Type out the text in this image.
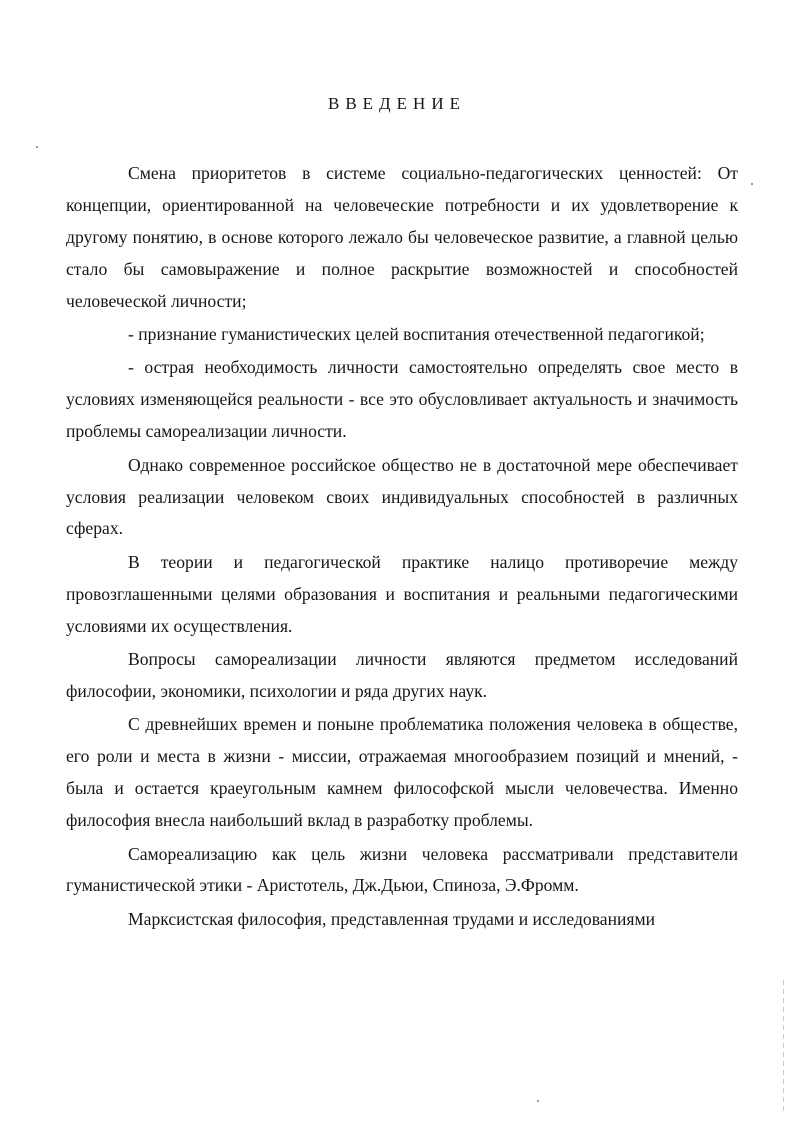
ВВЕДЕНИЕ

Смена приоритетов в системе социально-педагогических ценностей: От концепции, ориентированной на человеческие потребности и их удовлетворение к другому понятию, в основе которого лежало бы человеческое развитие, а главной целью стало бы самовыражение и полное раскрытие возможностей и способностей человеческой личности;

- признание гуманистических целей воспитания отечественной педагогикой;

- острая необходимость личности самостоятельно определять свое место в условиях изменяющейся реальности - все это обусловливает актуальность и значимость проблемы самореализации личности.

Однако современное российское общество не в достаточной мере обеспечивает условия реализации человеком своих индивидуальных способностей в различных сферах.

В теории и педагогической практике налицо противоречие между провозглашенными целями образования и воспитания и реальными педагогическими условиями их осуществления.

Вопросы самореализации личности являются предметом исследований философии, экономики, психологии и ряда других наук.

С древнейших времен и поныне проблематика положения человека в обществе, его роли и места в жизни - миссии, отражаемая многообразием позиций и мнений, - была и остается краеугольным камнем философской мысли человечества. Именно философия внесла наибольший вклад в разработку проблемы.

Самореализацию как цель жизни человека рассматривали представители гуманистической этики - Аристотель, Дж.Дьюи, Спиноза, Э.Фромм.

Марксистская философия, представленная трудами и исследованиями
